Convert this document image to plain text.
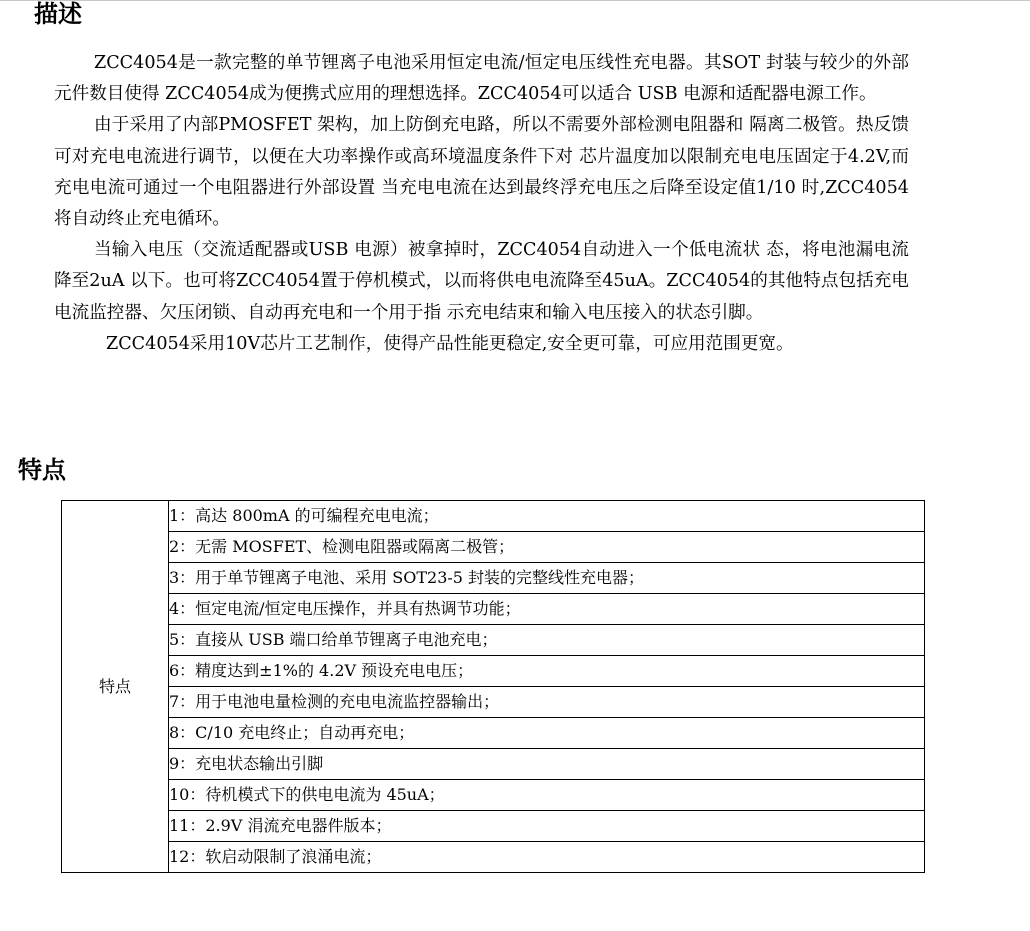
描述

ZCC4054是一款完整的单节锂离子电池采用恒定电流/恒定电压线性充电器。其SOT 封装与较少的外部元件数目使得 ZCC4054成为便携式应用的理想选择。ZCC4054可以适合 USB 电源和适配器电源工作。

由于采用了内部PMOSFET 架构，加上防倒充电路，所以不需要外部检测电阻器和 隔离二极管。热反馈可对充电电流进行调节，以便在大功率操作或高环境温度条件下对 芯片温度加以限制充电电压固定于4.2V,而充电电流可通过一个电阻器进行外部设置 当充电电流在达到最终浮充电压之后降至设定值1/10 时,ZCC4054将自动终止充电循环。

当输入电压（交流适配器或USB 电源）被拿掉时，ZCC4054自动进入一个低电流状 态，将电池漏电流降至2uA 以下。也可将ZCC4054置于停机模式，以而将供电电流降至45uA。ZCC4054的其他特点包括充电电流监控器、欠压闭锁、自动再充电和一个用于指 示充电结束和输入电压接入的状态引脚。

ZCC4054采用10V芯片工艺制作，使得产品性能更稳定,安全更可靠，可应用范围更宽。

特点
特点	1：高达 800mA 的可编程充电电流；
2：无需 MOSFET、检测电阻器或隔离二极管；
3：用于单节锂离子电池、采用 SOT23-5 封装的完整线性充电器；
4：恒定电流/恒定电压操作，并具有热调节功能；
5：直接从 USB 端口给单节锂离子电池充电；
6：精度达到±1%的 4.2V 预设充电电压；
7：用于电池电量检测的充电电流监控器输出；
8：C/10 充电终止；自动再充电；
9：充电状态输出引脚
10：待机模式下的供电电流为 45uA；
11：2.9V 涓流充电器件版本；
12：软启动限制了浪涌电流；
